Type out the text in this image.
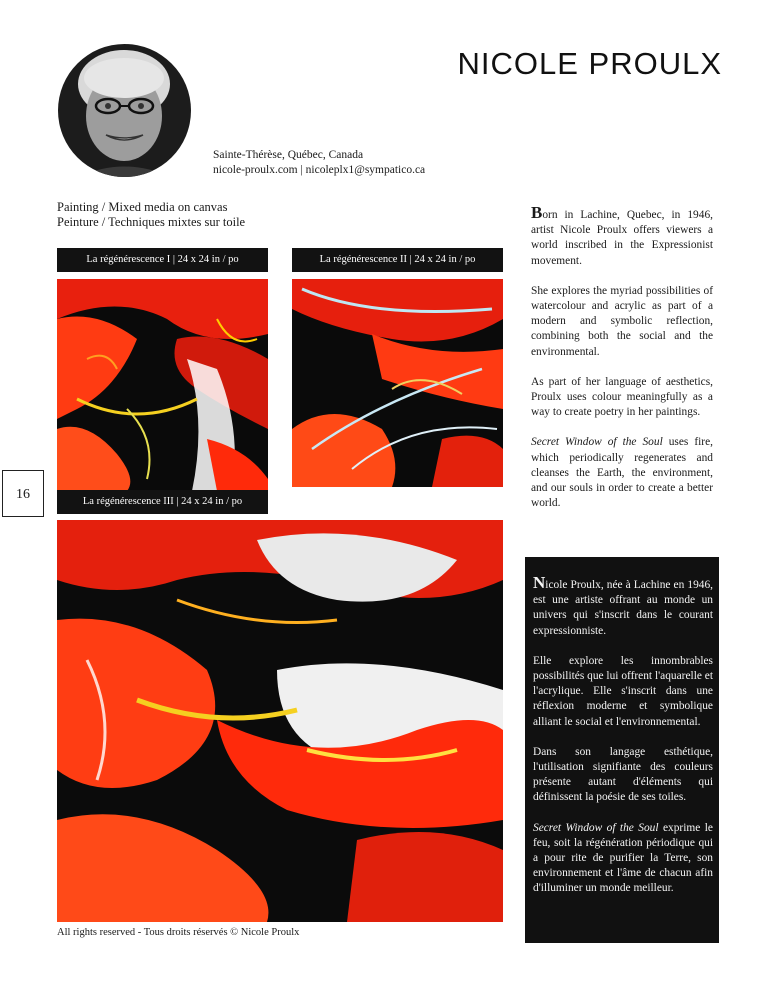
NICOLE PROULX
Sainte-Thérèse, Québec, Canada
nicole-proulx.com | nicoleplx1@sympatico.ca
Painting / Mixed media on canvas
Peinture / Techniques mixtes sur toile
La régénérescence I | 24 x 24 in / po	La régénérescence II | 24 x 24 in / po
16	La régénérescence III | 24 x 24 in / po

Born in Lachine, Quebec, in 1946, artist Nicole Proulx offers viewers a world inscribed in the Expressionist movement.

She explores the myriad possibilities of watercolour and acrylic as part of a modern and symbolic reflection, combining both the social and the environmental.

As part of her language of aesthetics, Proulx uses colour meaningfully as a way to create poetry in her paintings.

Secret Window of the Soul uses fire, which periodically regenerates and cleanses the Earth, the environment, and our souls in order to create a better world.

Nicole Proulx, née à Lachine en 1946, est une artiste offrant au monde un univers qui s'inscrit dans le courant expressionniste.

Elle explore les innombrables possibilités que lui offrent l'aquarelle et l'acrylique. Elle s'inscrit dans une réflexion moderne et symbolique alliant le social et l'environnemental.

Dans son langage esthétique, l'utilisation signifiante des couleurs présente autant d'éléments qui définissent la poésie de ses toiles.

Secret Window of the Soul exprime le feu, soit la régénération périodique qui a pour rite de purifier la Terre, son environnement et l'âme de chacun afin d'illuminer un monde meilleur.

All rights reserved - Tous droits réservés © Nicole Proulx
